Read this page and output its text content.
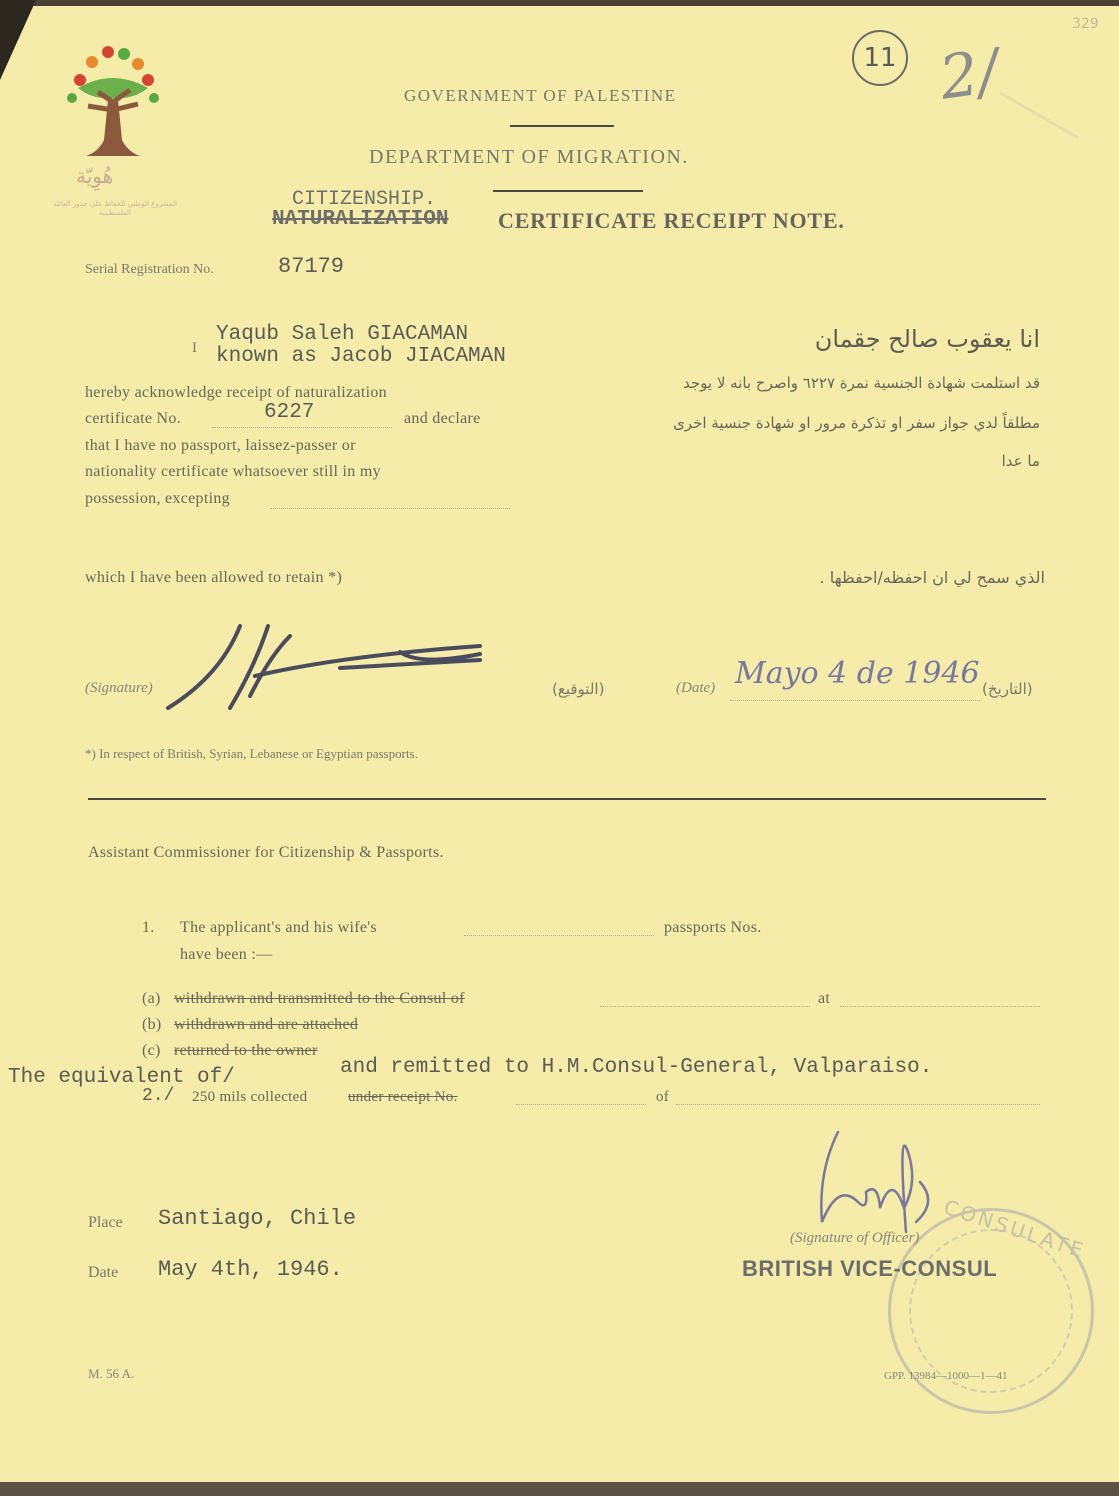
هُوِيّة
المشروع الوطني للحفاظ على جذور العائلة الفلسطينية
11 2/
329
GOVERNMENT OF PALESTINE
DEPARTMENT OF MIGRATION.
CITIZENSHIP.
NATURALIZATION CERTIFICATE RECEIPT NOTE.
Serial Registration No.	87179
I
Yaqub Saleh GIACAMAN
known as Jacob JIACAMAN
انا يعقوب صالح جقمان
hereby acknowledge receipt of naturalization
certificate No.	6227	and declare
that I have no passport, laissez-passer or
nationality certificate whatsoever still in my
possession, excepting
قد استلمت شهادة الجنسية نمرة ٦٢٢٧ واصرح بانه لا يوجد
مطلقاً لدي جواز سفر او تذكرة مرور او شهادة جنسية اخرى
ما عدا
which I have been allowed to retain *)	الذي سمح لي ان احفظه/احفظها .
(Signature)	(التوقيع)	(Date) Mayo 4 de 1946 (التاريخ)
*) In respect of British, Syrian, Lebanese or Egyptian passports.
Assistant Commissioner for Citizenship & Passports.
1. The applicant's and his wife's	passports Nos.
have been :—
(a) withdrawn and transmitted to the Consul of	at
(b) withdrawn and are attached
(c) returned to the owner
The equivalent of/	and remitted to H.M.Cons⁠ul-General, Valparaiso.
2./ 250 mils collected	under receipt No.	of
Place Santiago, Chile
Date May 4th, 1946.
CONSULATE
(Signature of Officer)
BRITISH VICE-CONSUL
M. 56 A.	GPP. 13984—1000—1—41
